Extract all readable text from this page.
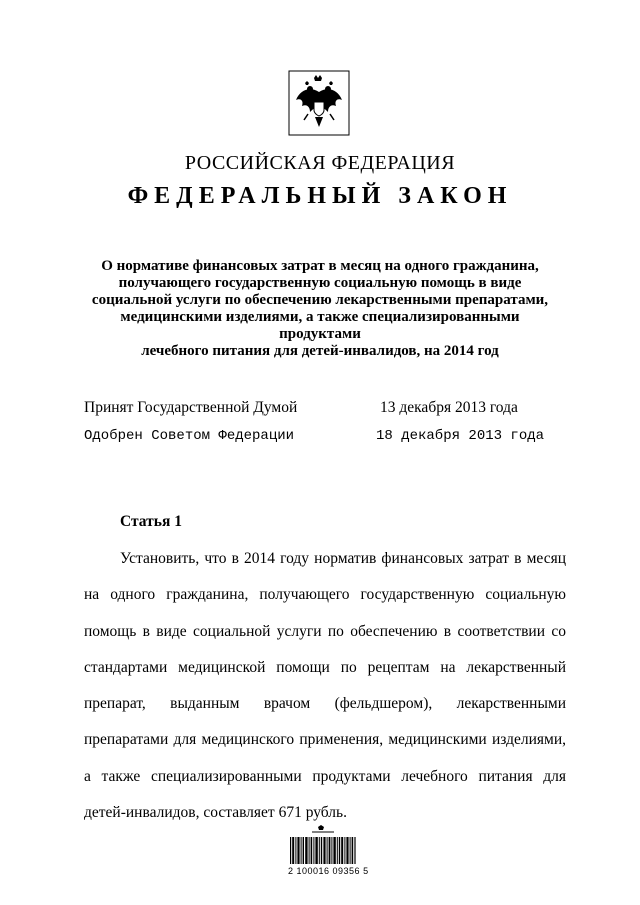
РОССИЙСКАЯ ФЕДЕРАЦИЯ
ФЕДЕРАЛЬНЫЙ ЗАКОН
О нормативе финансовых затрат в месяц на одного гражданина,
получающего государственную социальную помощь в виде
социальной услуги по обеспечению лекарственными препаратами,
медицинскими изделиями, а также специализированными продуктами
лечебного питания для детей-инвалидов, на 2014 год
Принят Государственной Думой	13 декабря 2013 года
Одобрен Советом Федерации	18 декабря 2013 года
Статья 1
Установить, что в 2014 году норматив финансовых затрат в месяц на одного гражданина, получающего государственную социальную помощь в виде социальной услуги по обеспечению в соответствии со стандартами медицинской помощи по рецептам на лекарственный препарат, выданным врачом (фельдшером), лекарственными препаратами для медицинского применения, медицинскими изделиями, а также специализированными продуктами лечебного питания для детей-инвалидов, составляет 671 рубль.
2 100016 09356 5
